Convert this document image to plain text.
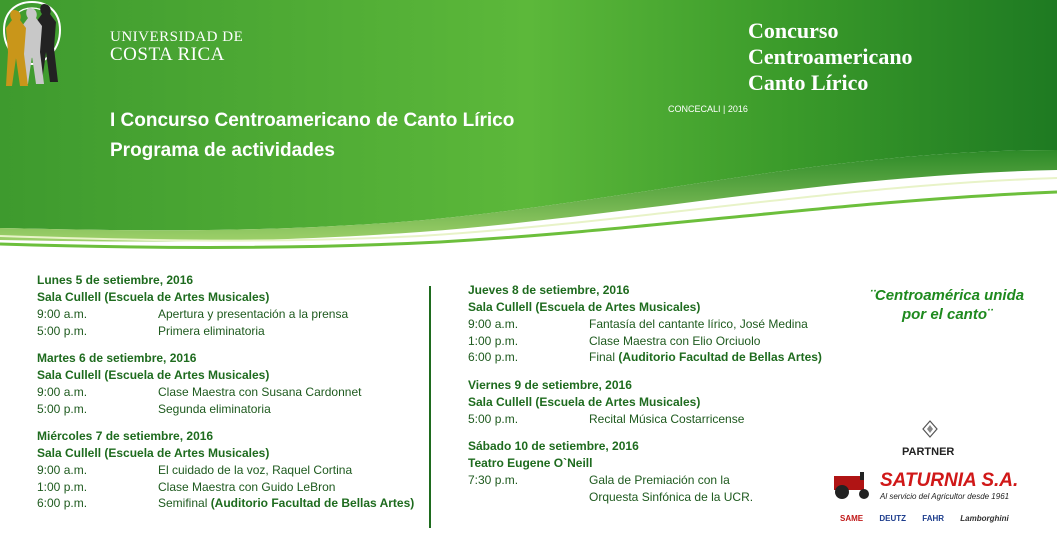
UNIVERSIDAD DE
COSTA RICA
Concurso
Centroamericano
Canto Lírico
CONCECALI | 2016
I Concurso Centroamericano de Canto Lírico
Programa de actividades
Lunes 5 de setiembre, 2016
Sala Cullell (Escuela de Artes Musicales)
9:00 a.m.	Apertura y presentación a la prensa
5:00 p.m.	Primera eliminatoria
Martes 6 de setiembre, 2016
Sala Cullell (Escuela de Artes Musicales)
9:00 a.m.	Clase Maestra con Susana Cardonnet
5:00 p.m.	Segunda eliminatoria
Miércoles 7 de setiembre, 2016
Sala Cullell (Escuela de Artes Musicales)
9:00 a.m.	El cuidado de la voz, Raquel Cortina
1:00 p.m.	Clase Maestra con Guido LeBron
6:00 p.m.	Semifinal (Auditorio Facultad de Bellas Artes)
Jueves 8 de setiembre, 2016
Sala Cullell (Escuela de Artes Musicales)
9:00 a.m.	Fantasía del cantante lírico, José Medina
1:00 p.m.	Clase Maestra con Elio Orciuolo
6:00 p.m.	Final (Auditorio Facultad de Bellas Artes)
Viernes 9 de setiembre, 2016
Sala Cullell (Escuela de Artes Musicales)
5:00 p.m.	Recital Música Costarricense
Sábado 10 de setiembre, 2016
Teatro Eugene O`Neill
7:30 p.m.	Gala de Premiación con la
Orquesta Sinfónica de la UCR.
¨Centroamérica unida
por el canto¨
PARTNER
SATURNIA S.A.
Al servicio del Agricultor desde 1961
SAME DEUTZ FAHR Lamborghini
